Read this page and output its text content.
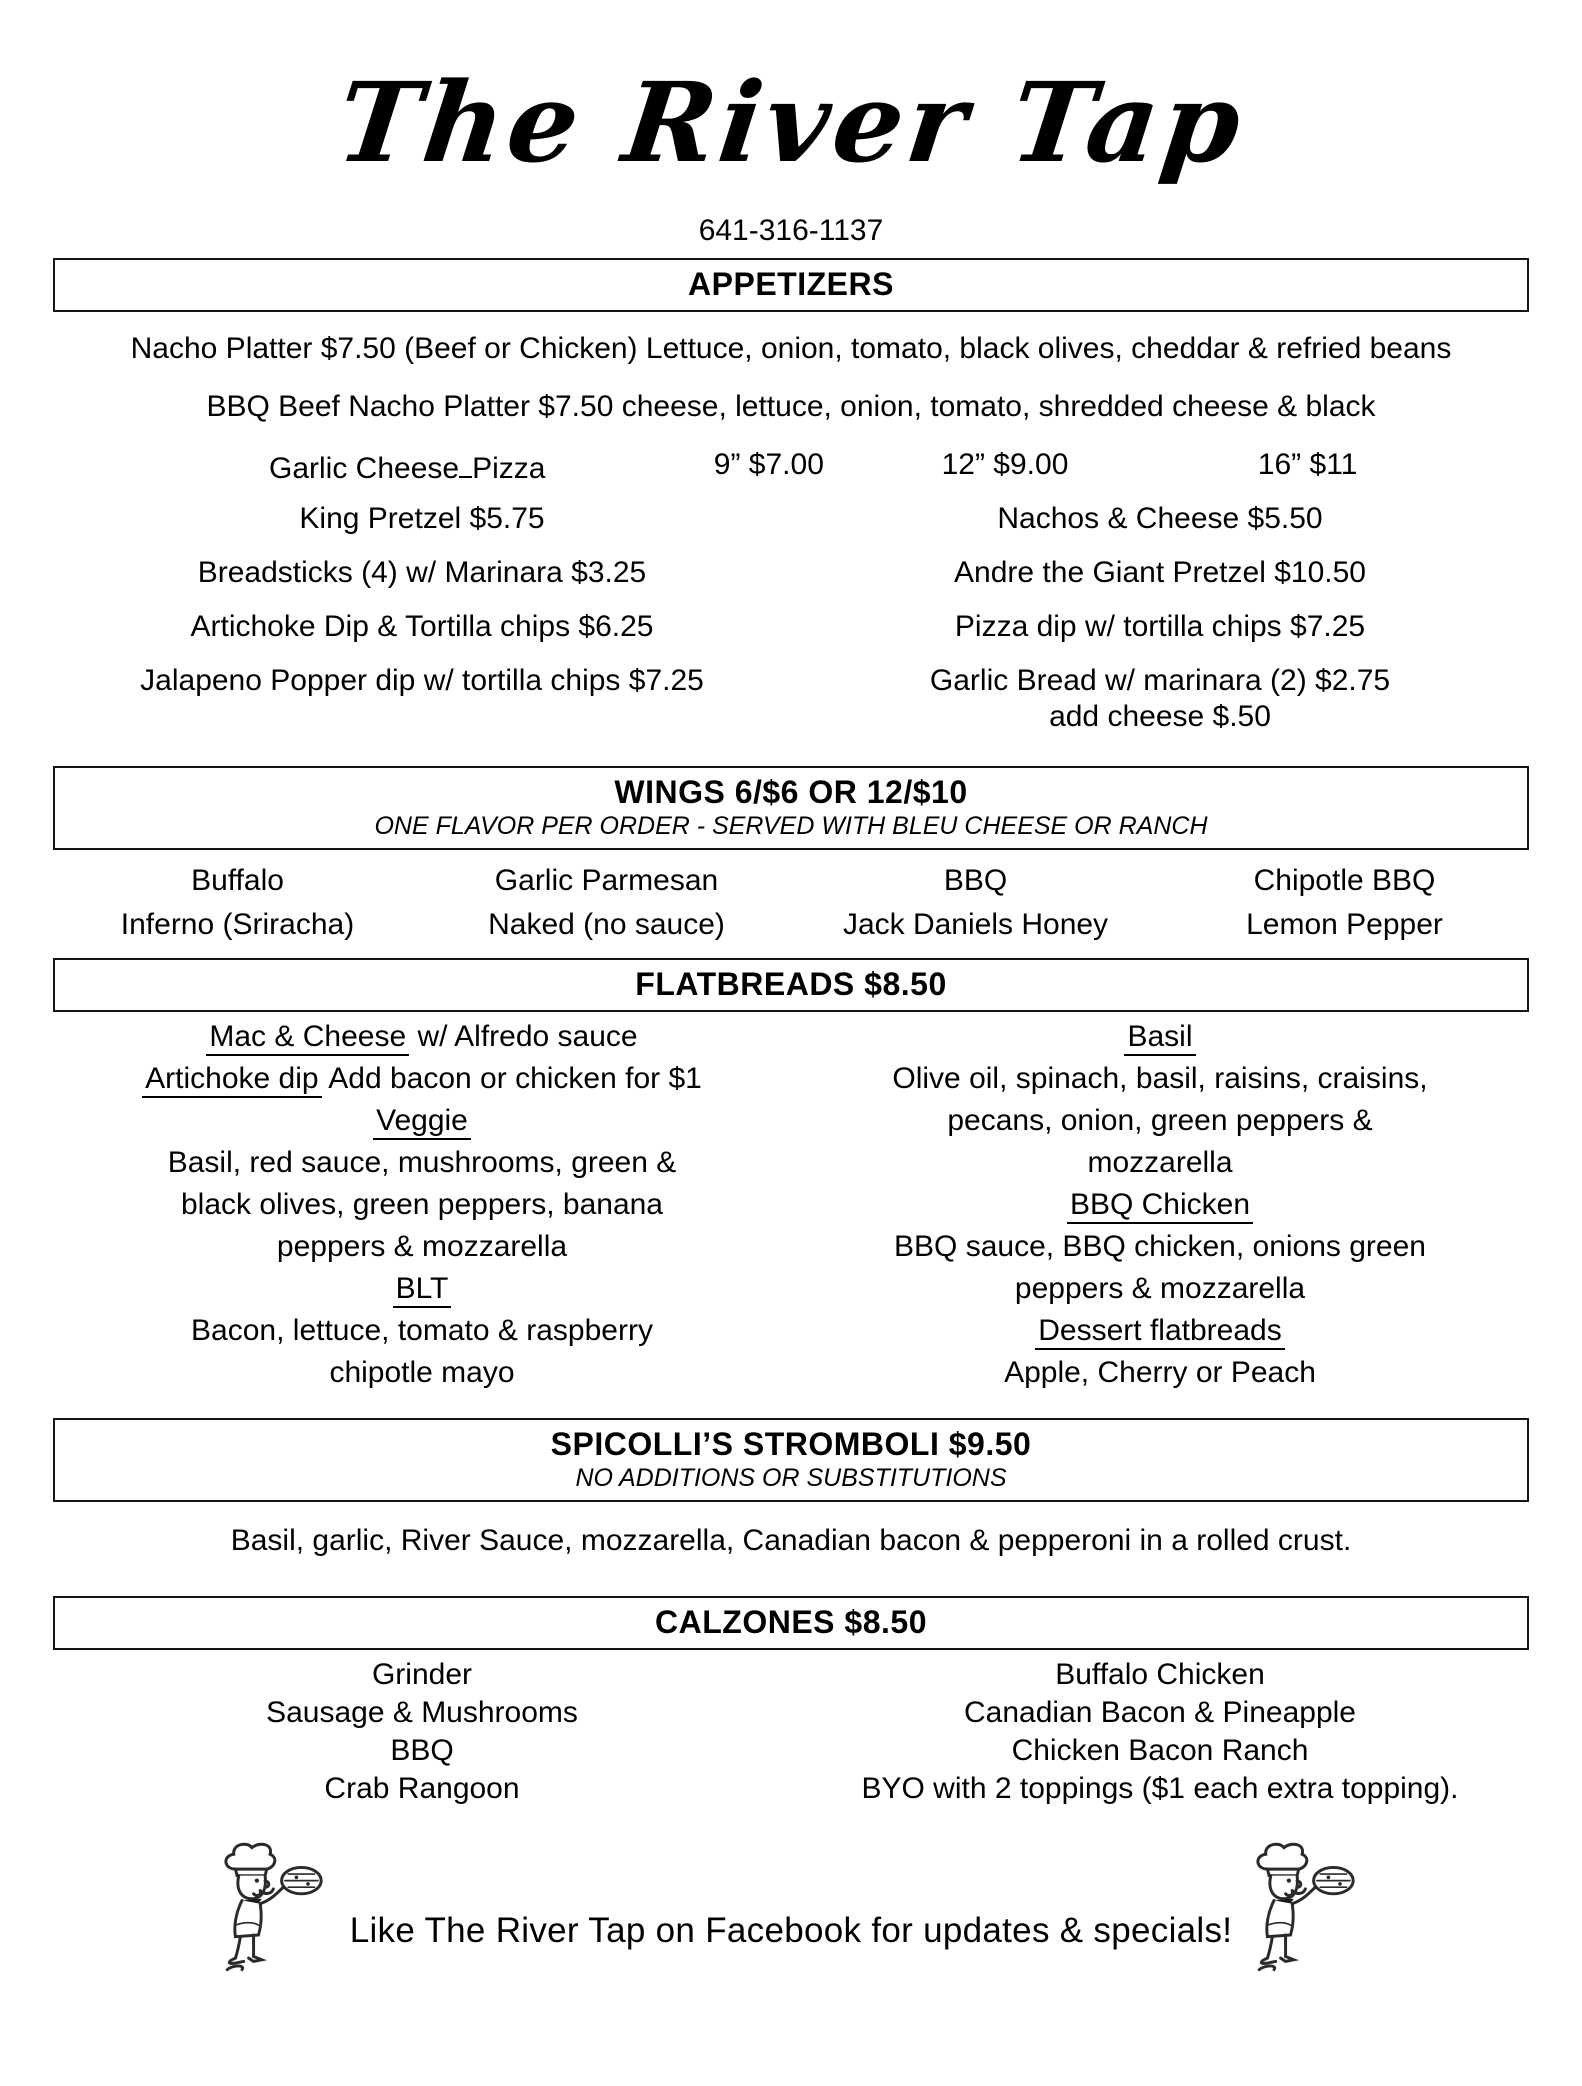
The River Tap
641-316-1137
APPETIZERS
Nacho Platter $7.50 (Beef or Chicken) Lettuce, onion, tomato, black olives, cheddar & refried beans
BBQ Beef Nacho Platter $7.50 cheese, lettuce, onion, tomato, shredded cheese & black
Garlic Cheese Pizza	9” $7.00	12” $9.00	16” $11
King Pretzel $5.75
Breadsticks (4) w/ Marinara $3.25
Artichoke Dip & Tortilla chips $6.25
Jalapeno Popper dip w/ tortilla chips $7.25
Nachos & Cheese $5.50
Andre the Giant Pretzel $10.50
Pizza dip w/ tortilla chips $7.25
Garlic Bread w/ marinara (2) $2.75
add cheese $.50
WINGS 6/$6 OR 12/$10
ONE FLAVOR PER ORDER - SERVED WITH BLEU CHEESE OR RANCH
Buffalo	Garlic Parmesan	BBQ	Chipotle BBQ
Inferno (Sriracha)	Naked (no sauce)	Jack Daniels Honey	Lemon Pepper
FLATBREADS $8.50
Mac & Cheese w/ Alfredo sauce
Artichoke dip Add bacon or chicken for $1
Veggie
Basil, red sauce, mushrooms, green &
black olives, green peppers, banana
peppers & mozzarella
BLT
Bacon, lettuce, tomato & raspberry
chipotle mayo
Basil
Olive oil, spinach, basil, raisins, craisins,
pecans, onion, green peppers &
mozzarella
BBQ Chicken
BBQ sauce, BBQ chicken, onions green
peppers & mozzarella
Dessert flatbreads
Apple, Cherry or Peach
SPICOLLI’S STROMBOLI $9.50
NO ADDITIONS OR SUBSTITUTIONS
Basil, garlic, River Sauce, mozzarella, Canadian bacon & pepperoni in a rolled crust.
CALZONES $8.50
Grinder
Sausage & Mushrooms
BBQ
Crab Rangoon
Buffalo Chicken
Canadian Bacon & Pineapple
Chicken Bacon Ranch
BYO with 2 toppings ($1 each extra topping).
Like The River Tap on Facebook for updates & specials!
